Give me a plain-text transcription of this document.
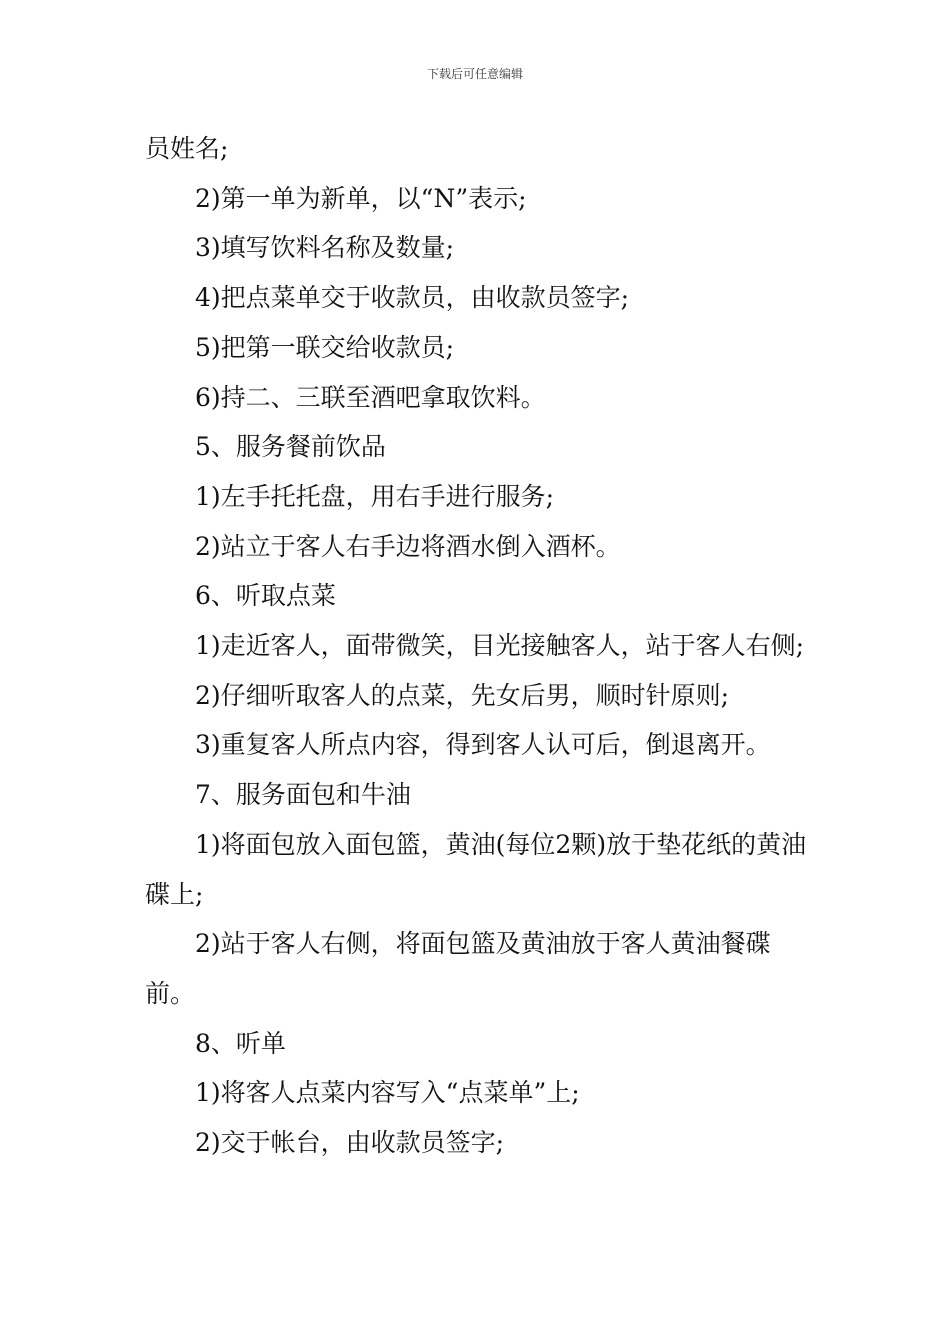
下载后可任意编辑

员姓名;

2)第一单为新单，以“N”表示;

3)填写饮料名称及数量;

4)把点菜单交于收款员，由收款员签字;

5)把第一联交给收款员;

6)持二、三联至酒吧拿取饮料。

5、服务餐前饮品

1)左手托托盘，用右手进行服务;

2)站立于客人右手边将酒水倒入酒杯。

6、听取点菜

1)走近客人，面带微笑，目光接触客人，站于客人右侧;

2)仔细听取客人的点菜，先女后男，顺时针原则;

3)重复客人所点内容，得到客人认可后，倒退离开。

7、服务面包和牛油

1)将面包放入面包篮，黄油(每位2颗)放于垫花纸的黄油碟上;

2)站于客人右侧，将面包篮及黄油放于客人黄油餐碟前。

8、听单

1)将客人点菜内容写入“点菜单”上;

2)交于帐台，由收款员签字;
